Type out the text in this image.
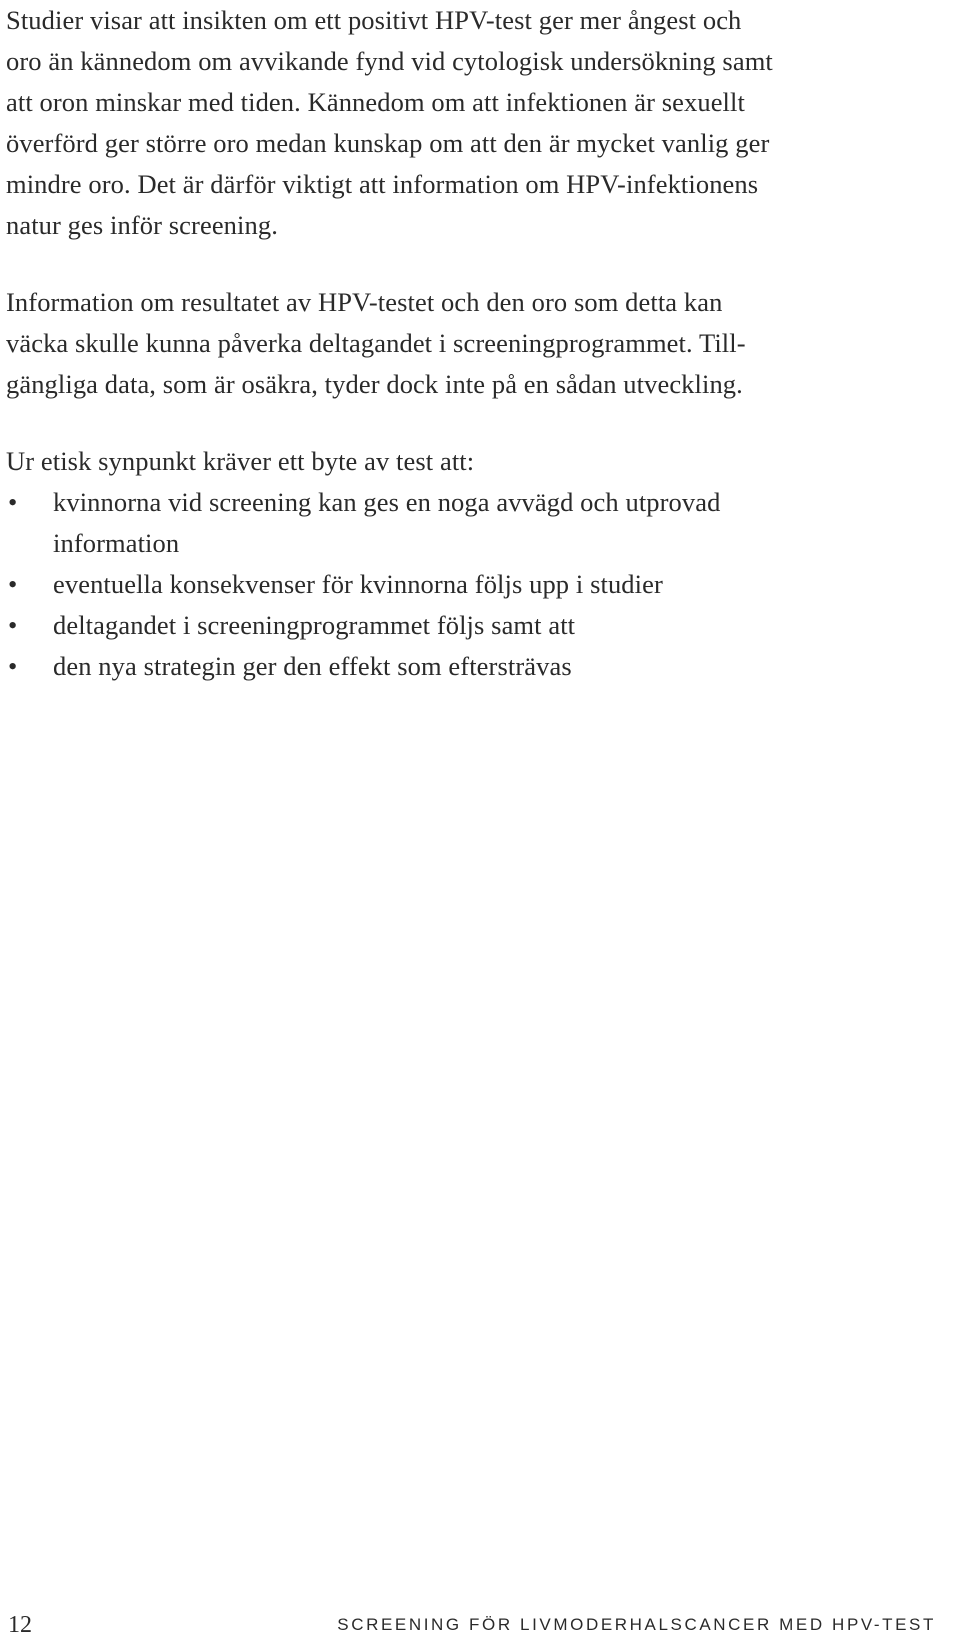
Studier visar att insikten om ett positivt HPV-test ger mer ångest och
oro än kännedom om avvikande fynd vid cytologisk undersökning samt
att oron minskar med tiden. Kännedom om att infektionen är sexuellt
överförd ger större oro medan kunskap om att den är mycket vanlig ger
mindre oro. Det är därför viktigt att information om HPV-infektionens
natur ges inför screening.
Information om resultatet av HPV-testet och den oro som detta kan
väcka skulle kunna påverka deltagandet i screeningprogrammet. Till-
gängliga data, som är osäkra, tyder dock inte på en sådan utveckling.
Ur etisk synpunkt kräver ett byte av test att:
• kvinnorna vid screening kan ges en noga avvägd och utprovad
information
• eventuella konsekvenser för kvinnorna följs upp i studier
• deltagandet i screeningprogrammet följs samt att
• den nya strategin ger den effekt som eftersträvas
12	SCREENING FÖR LIVMODERHALSCANCER MED HPV-TEST
